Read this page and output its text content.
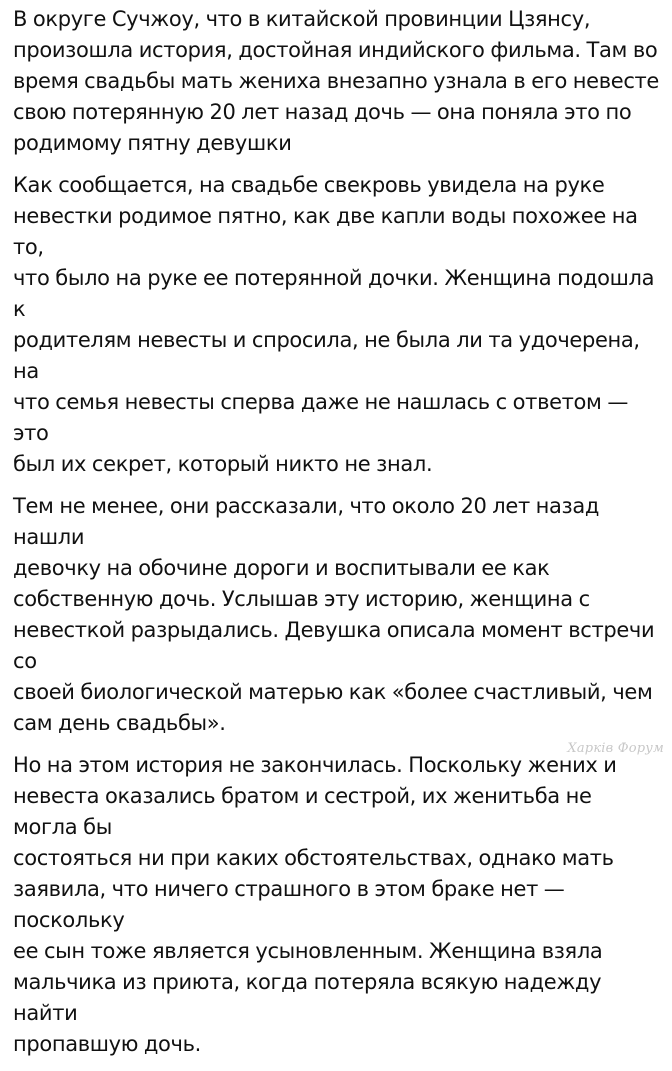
В округе Сучжоу, что в китайской провинции Цзянсу,
произошла история, достойная индийского фильма. Там во
время свадьбы мать жениха внезапно узнала в его невесте
свою потерянную 20 лет назад дочь — она поняла это по
родимому пятну девушки

Как сообщается, на свадьбе свекровь увидела на руке
невестки родимое пятно, как две капли воды похожее на то,
что было на руке ее потерянной дочки. Женщина подошла к
родителям невесты и спросила, не была ли та удочерена, на
что семья невесты сперва даже не нашлась с ответом — это
был их секрет, который никто не знал.

Тем не менее, они рассказали, что около 20 лет назад нашли
девочку на обочине дороги и воспитывали ее как
собственную дочь. Услышав эту историю, женщина с
невесткой разрыдались. Девушка описала момент встречи со
своей биологической матерью как «более счастливый, чем
сам день свадьбы».

Но на этом история не закончилась. Поскольку жених и
невеста оказались братом и сестрой, их женитьба не могла бы
состояться ни при каких обстоятельствах, однако мать
заявила, что ничего страшного в этом браке нет — поскольку
ее сын тоже является усыновленным. Женщина взяла
мальчика из приюта, когда потеряла всякую надежду найти
пропавшую дочь.

Харків Форум
